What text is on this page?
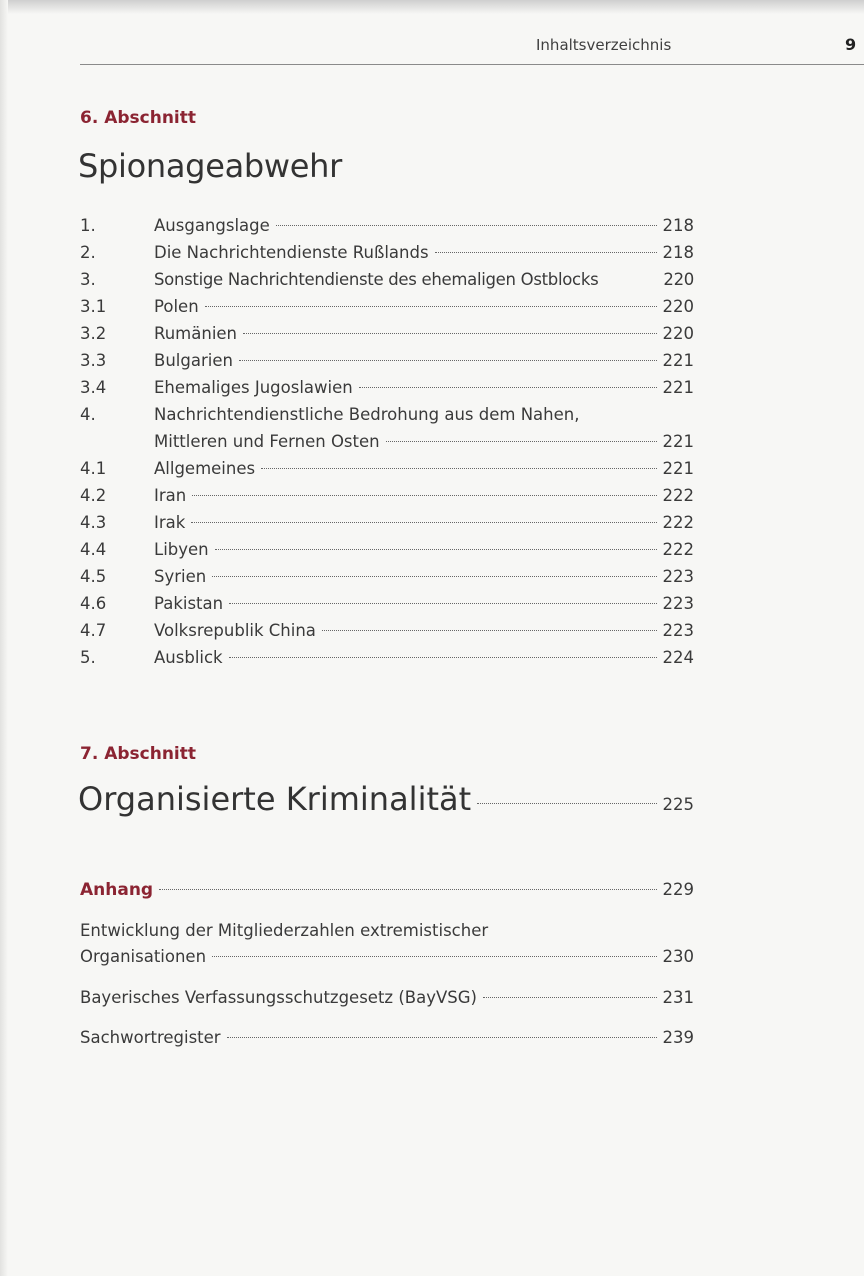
Inhaltsverzeichnis	9
6. Abschnitt
Spionageabwehr
1.	Ausgangslage	218
2.	Die Nachrichtendienste Rußlands	218
3.	Sonstige Nachrichtendienste des ehemaligen Ostblocks	220
3.1	Polen	220
3.2	Rumänien	220
3.3	Bulgarien	221
3.4	Ehemaliges Jugoslawien	221
4.	Nachrichtendienstliche Bedrohung aus dem Nahen,
Mittleren und Fernen Osten	221
4.1	Allgemeines	221
4.2	Iran	222
4.3	Irak	222
4.4	Libyen	222
4.5	Syrien	223
4.6	Pakistan	223
4.7	Volksrepublik China	223
5.	Ausblick	224
7. Abschnitt
Organisierte Kriminalität	225
Anhang	229
Entwicklung der Mitgliederzahlen extremistischer
Organisationen	230
Bayerisches Verfassungsschutzgesetz (BayVSG)	231
Sachwortregister	239
